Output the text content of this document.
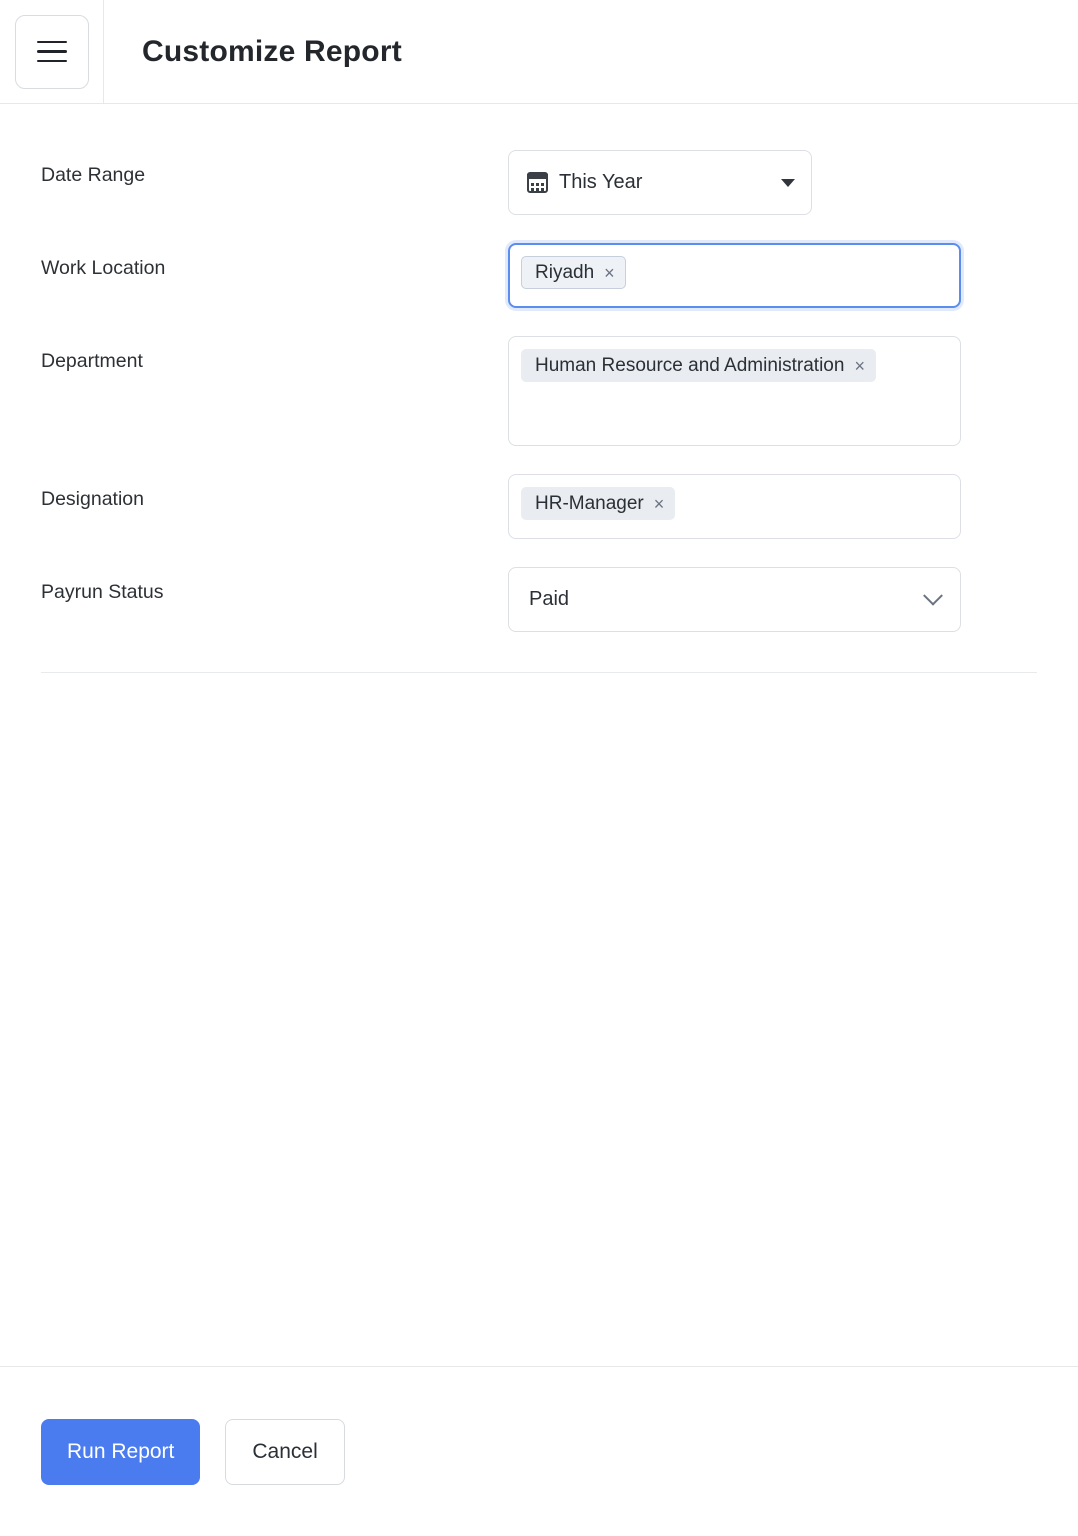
Customize Report
Date Range	This Year
Work Location	Riyadh ×
Department	Human Resource and Administration ×
Designation	HR-Manager ×
Payrun Status	Paid
Run Report	Cancel
